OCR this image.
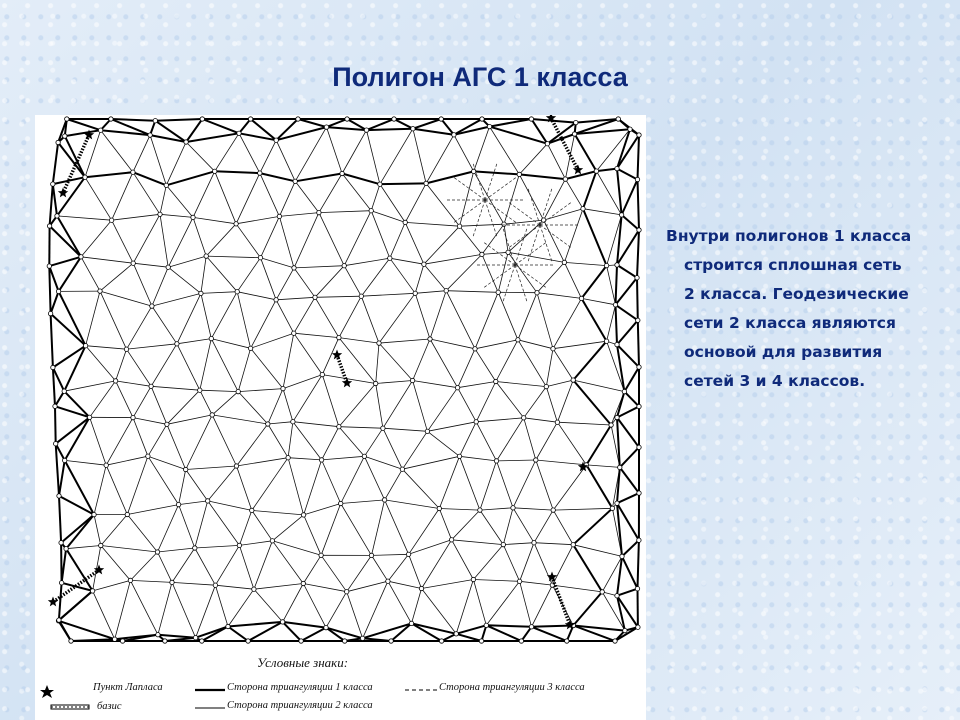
Полигон АГС 1 класса
Условные знаки:
Пункт Лапласа
базис
Сторона триангуляции 1 класса
Сторона триангуляции 2 класса
Сторона триангуляции 3 класса
Внутри полигонов 1 класса
строится сплошная сеть
2 класса. Геодезические
сети 2 класса являются
основой для развития
сетей 3 и 4 классов.
